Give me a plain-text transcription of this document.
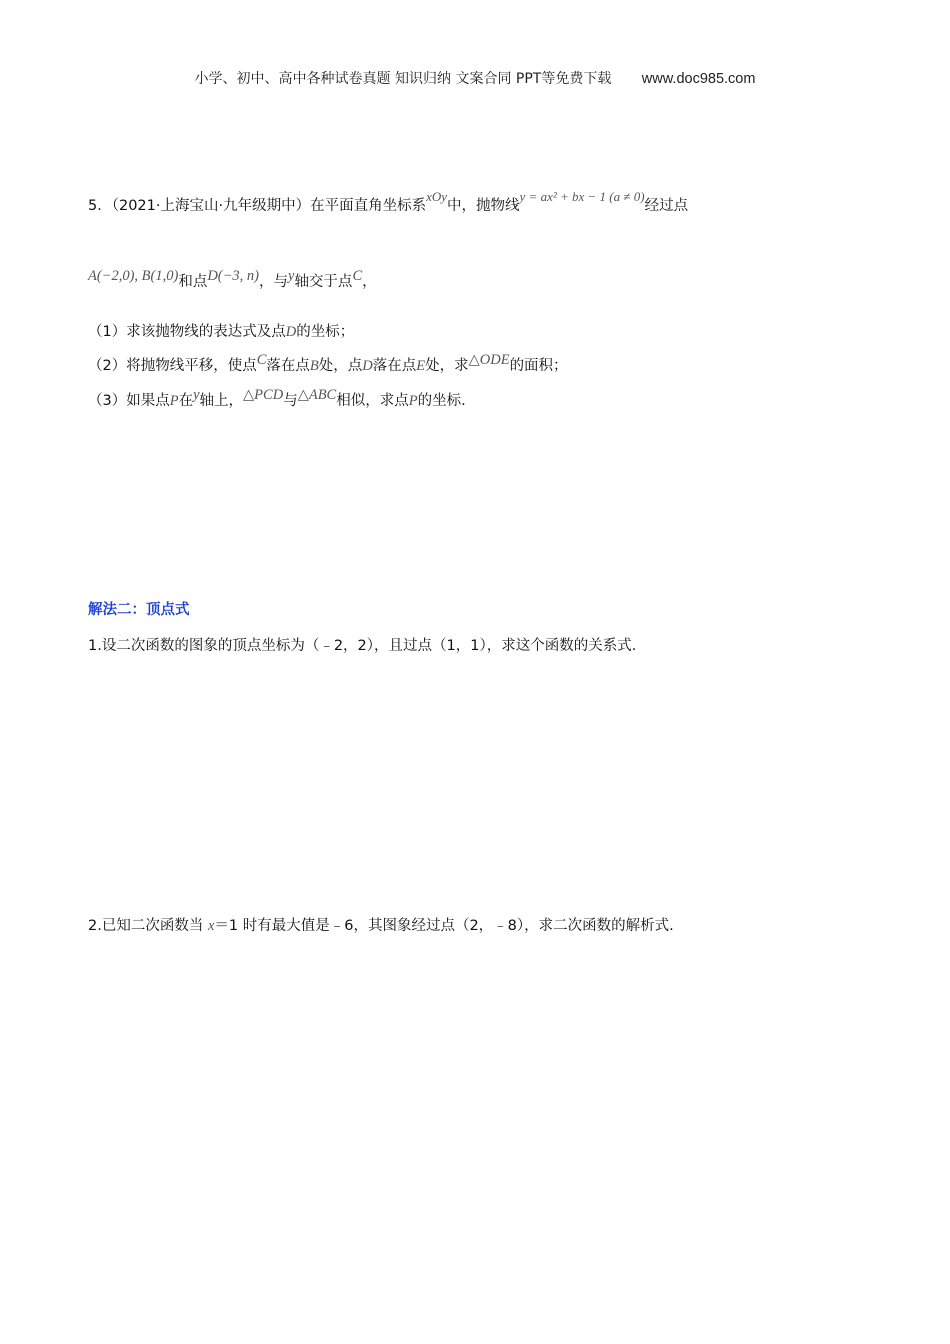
小学、初中、高中各种试卷真题 知识归纳 文案合同 PPT等免费下载 www.doc985.com
5．（2021·上海宝山·九年级期中）在平面直角坐标系xOy中，抛物线y = ax² + bx − 1 (a ≠ 0)经过点
A(−2,0), B(1,0)和点D(−3, n)，与y轴交于点C，
（1）求该抛物线的表达式及点D的坐标；
（2）将抛物线平移，使点C落在点B处，点D落在点E处，求△ODE的面积；
（3）如果点P在y轴上，△PCD与△ABC相似，求点P的坐标.
解法二：顶点式
1.设二次函数的图象的顶点坐标为（﹣2，2），且过点（1，1），求这个函数的关系式.
2.已知二次函数当 x＝1 时有最大值是﹣6，其图象经过点（2，﹣8），求二次函数的解析式.
